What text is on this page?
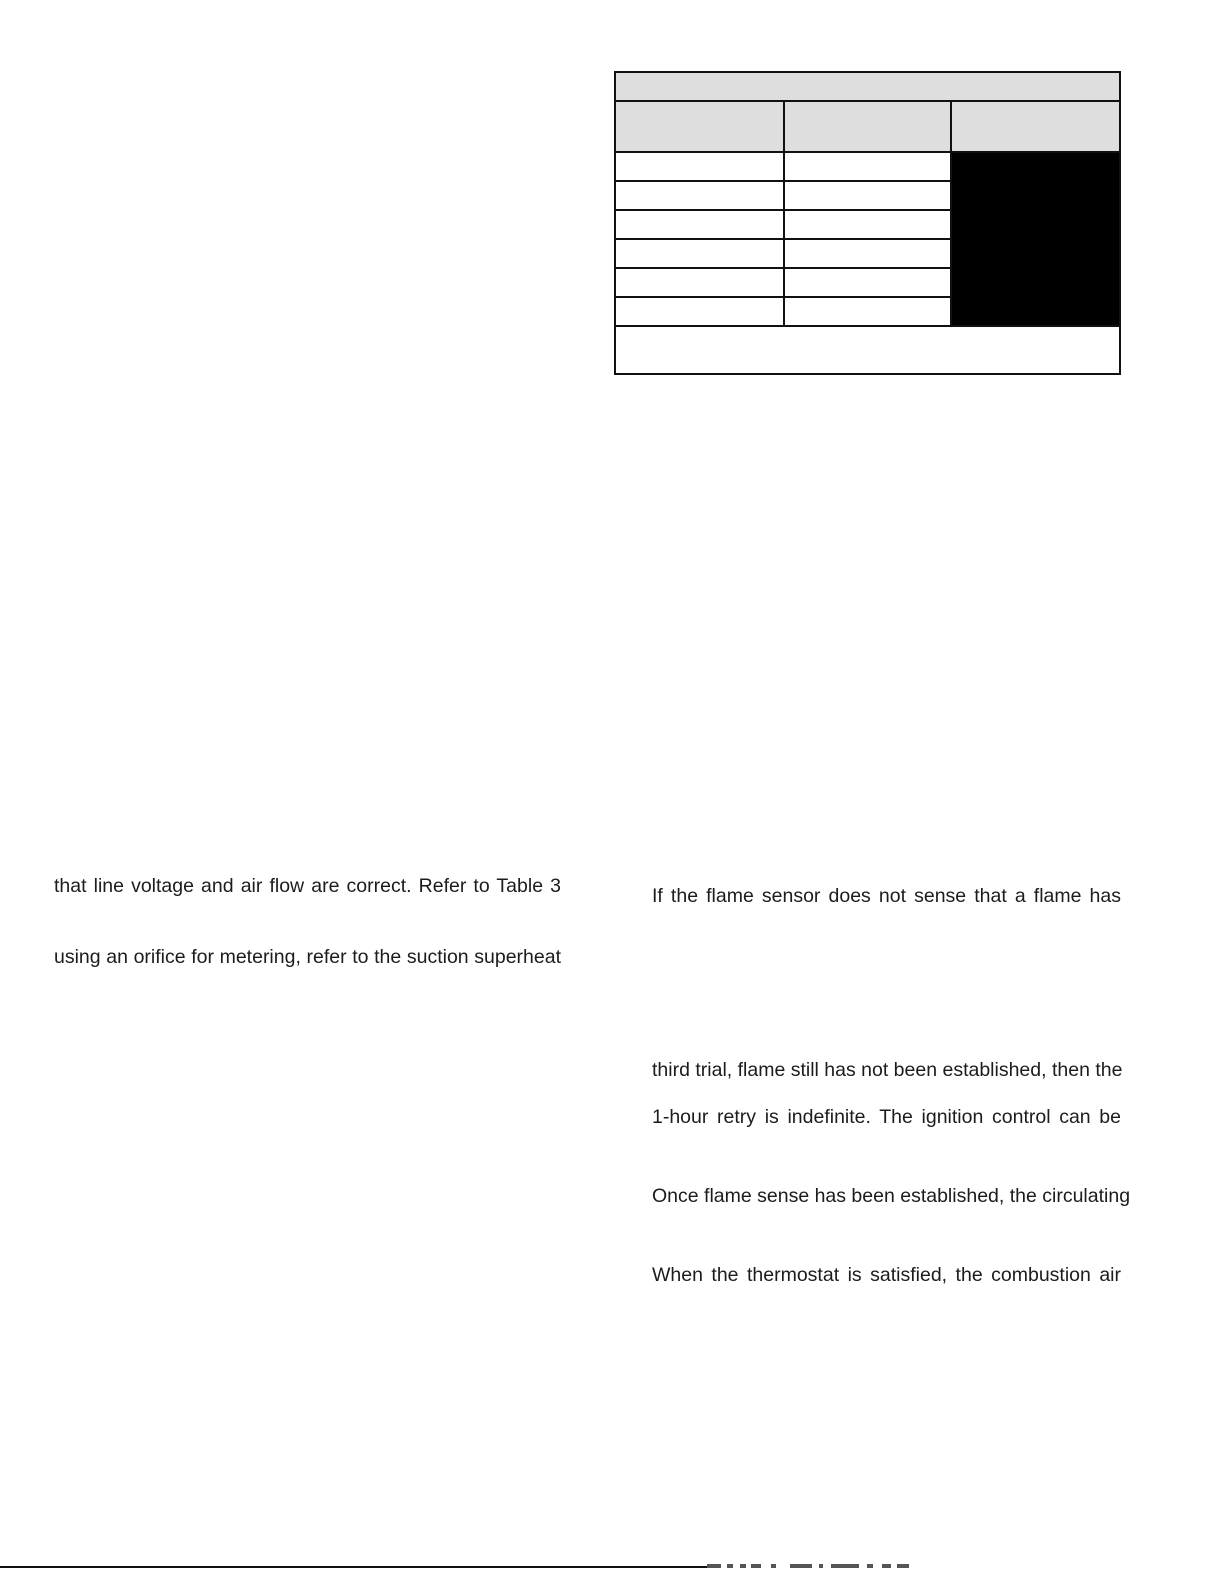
that line voltage and air flow are correct. Refer to Table 3
using an orifice for metering, refer to the suction superheat
If the flame sensor does not sense that a flame has
third trial, flame still has not been established, then the
1-hour retry is indefinite. The ignition control can be
Once flame sense has been established, the circulating
When the thermostat is satisfied, the combustion air
